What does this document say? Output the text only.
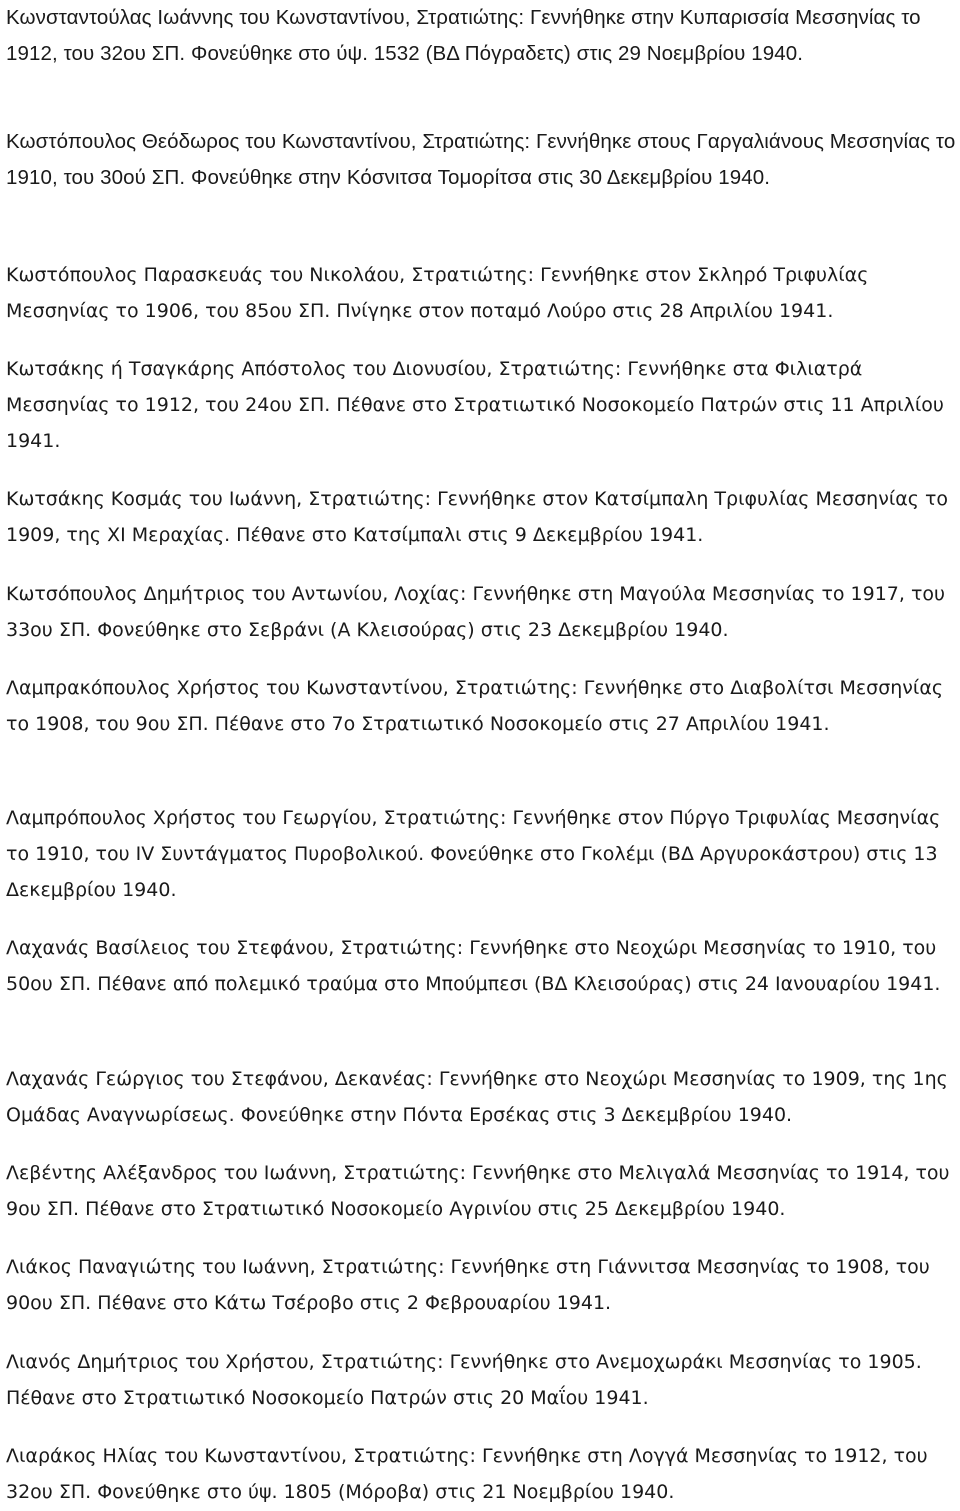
Κωνσταντούλας Ιωάννης του Κωνσταντίνου, Στρατιώτης: Γεννήθηκε στην Κυπαρισσία Μεσσηνίας το 1912, του 32ου ΣΠ. Φονεύθηκε στο ύψ. 1532 (ΒΔ Πόγραδετς) στις 29 Νοεμβρίου 1940.

Κωστόπουλος Θεόδωρος του Κωνσταντίνου, Στρατιώτης: Γεννήθηκε στους Γαργαλιάνους Μεσσηνίας το 1910, του 30ού ΣΠ. Φονεύθηκε στην Κόσνιτσα Τομορίτσα στις 30 Δεκεμβρίου 1940.

Κωστόπουλος Παρασκευάς του Νικολάου, Στρατιώτης: Γεννήθηκε στον Σκληρό Τριφυλίας Μεσσηνίας το 1906, του 85ου ΣΠ. Πνίγηκε στον ποταμό Λούρο στις 28 Απριλίου 1941.

Κωτσάκης ή Τσαγκάρης Απόστολος του Διονυσίου, Στρατιώτης: Γεννήθηκε στα Φιλιατρά Μεσσηνίας το 1912, του 24ου ΣΠ. Πέθανε στο Στρατιωτικό Νοσοκομείο Πατρών στις 11 Απριλίου 1941.

Κωτσάκης Κοσμάς του Ιωάννη, Στρατιώτης: Γεννήθηκε στον Κατσίμπαλη Τριφυλίας Μεσσηνίας το 1909, της ΧΙ Μεραχίας. Πέθανε στο Κατσίμπαλι στις 9 Δεκεμβρίου 1941.

Κωτσόπουλος Δημήτριος του Αντωνίου, Λοχίας: Γεννήθηκε στη Μαγούλα Μεσσηνίας το 1917, του 33ου ΣΠ. Φονεύθηκε στο Σεβράνι (Α Κλεισούρας) στις 23 Δεκεμβρίου 1940.

Λαμπρακόπουλος Χρήστος του Κωνσταντίνου, Στρατιώτης: Γεννήθηκε στο Διαβολίτσι Μεσσηνίας το 1908, του 9ου ΣΠ. Πέθανε στο 7ο Στρατιωτικό Νοσοκομείο στις 27 Απριλίου 1941.

Λαμπρόπουλος Χρήστος του Γεωργίου, Στρατιώτης: Γεννήθηκε στον Πύργο Τριφυλίας Μεσσηνίας το 1910, του IV Συντάγματος Πυροβολικού. Φονεύθηκε στο Γκολέμι (ΒΔ Αργυροκάστρου) στις 13 Δεκεμβρίου 1940.

Λαχανάς Βασίλειος του Στεφάνου, Στρατιώτης: Γεννήθηκε στο Νεοχώρι Μεσσηνίας το 1910, του 50ου ΣΠ. Πέθανε από πολεμικό τραύμα στο Μπούμπεσι (ΒΔ Κλεισούρας) στις 24 Ιανουαρίου 1941.

Λαχανάς Γεώργιος του Στεφάνου, Δεκανέας: Γεννήθηκε στο Νεοχώρι Μεσσηνίας το 1909, της 1ης Ομάδας Αναγνωρίσεως. Φονεύθηκε στην Πόντα Ερσέκας στις 3 Δεκεμβρίου 1940.

Λεβέντης Αλέξανδρος του Ιωάννη, Στρατιώτης: Γεννήθηκε στο Μελιγαλά Μεσσηνίας το 1914, του 9ου ΣΠ. Πέθανε στο Στρατιωτικό Νοσοκομείο Αγρινίου στις 25 Δεκεμβρίου 1940.

Λιάκος Παναγιώτης του Ιωάννη, Στρατιώτης: Γεννήθηκε στη Γιάννιτσα Μεσσηνίας το 1908, του 90ου ΣΠ. Πέθανε στο Κάτω Τσέροβο στις 2 Φεβρουαρίου 1941.

Λιανός Δημήτριος του Χρήστου, Στρατιώτης: Γεννήθηκε στο Ανεμοχωράκι Μεσσηνίας το 1905. Πέθανε στο Στρατιωτικό Νοσοκομείο Πατρών στις 20 Μαΐου 1941.

Λιαράκος Ηλίας του Κωνσταντίνου, Στρατιώτης: Γεννήθηκε στη Λογγά Μεσσηνίας το 1912, του 32ου ΣΠ. Φονεύθηκε στο ύψ. 1805 (Μόροβα) στις 21 Νοεμβρίου 1940.
